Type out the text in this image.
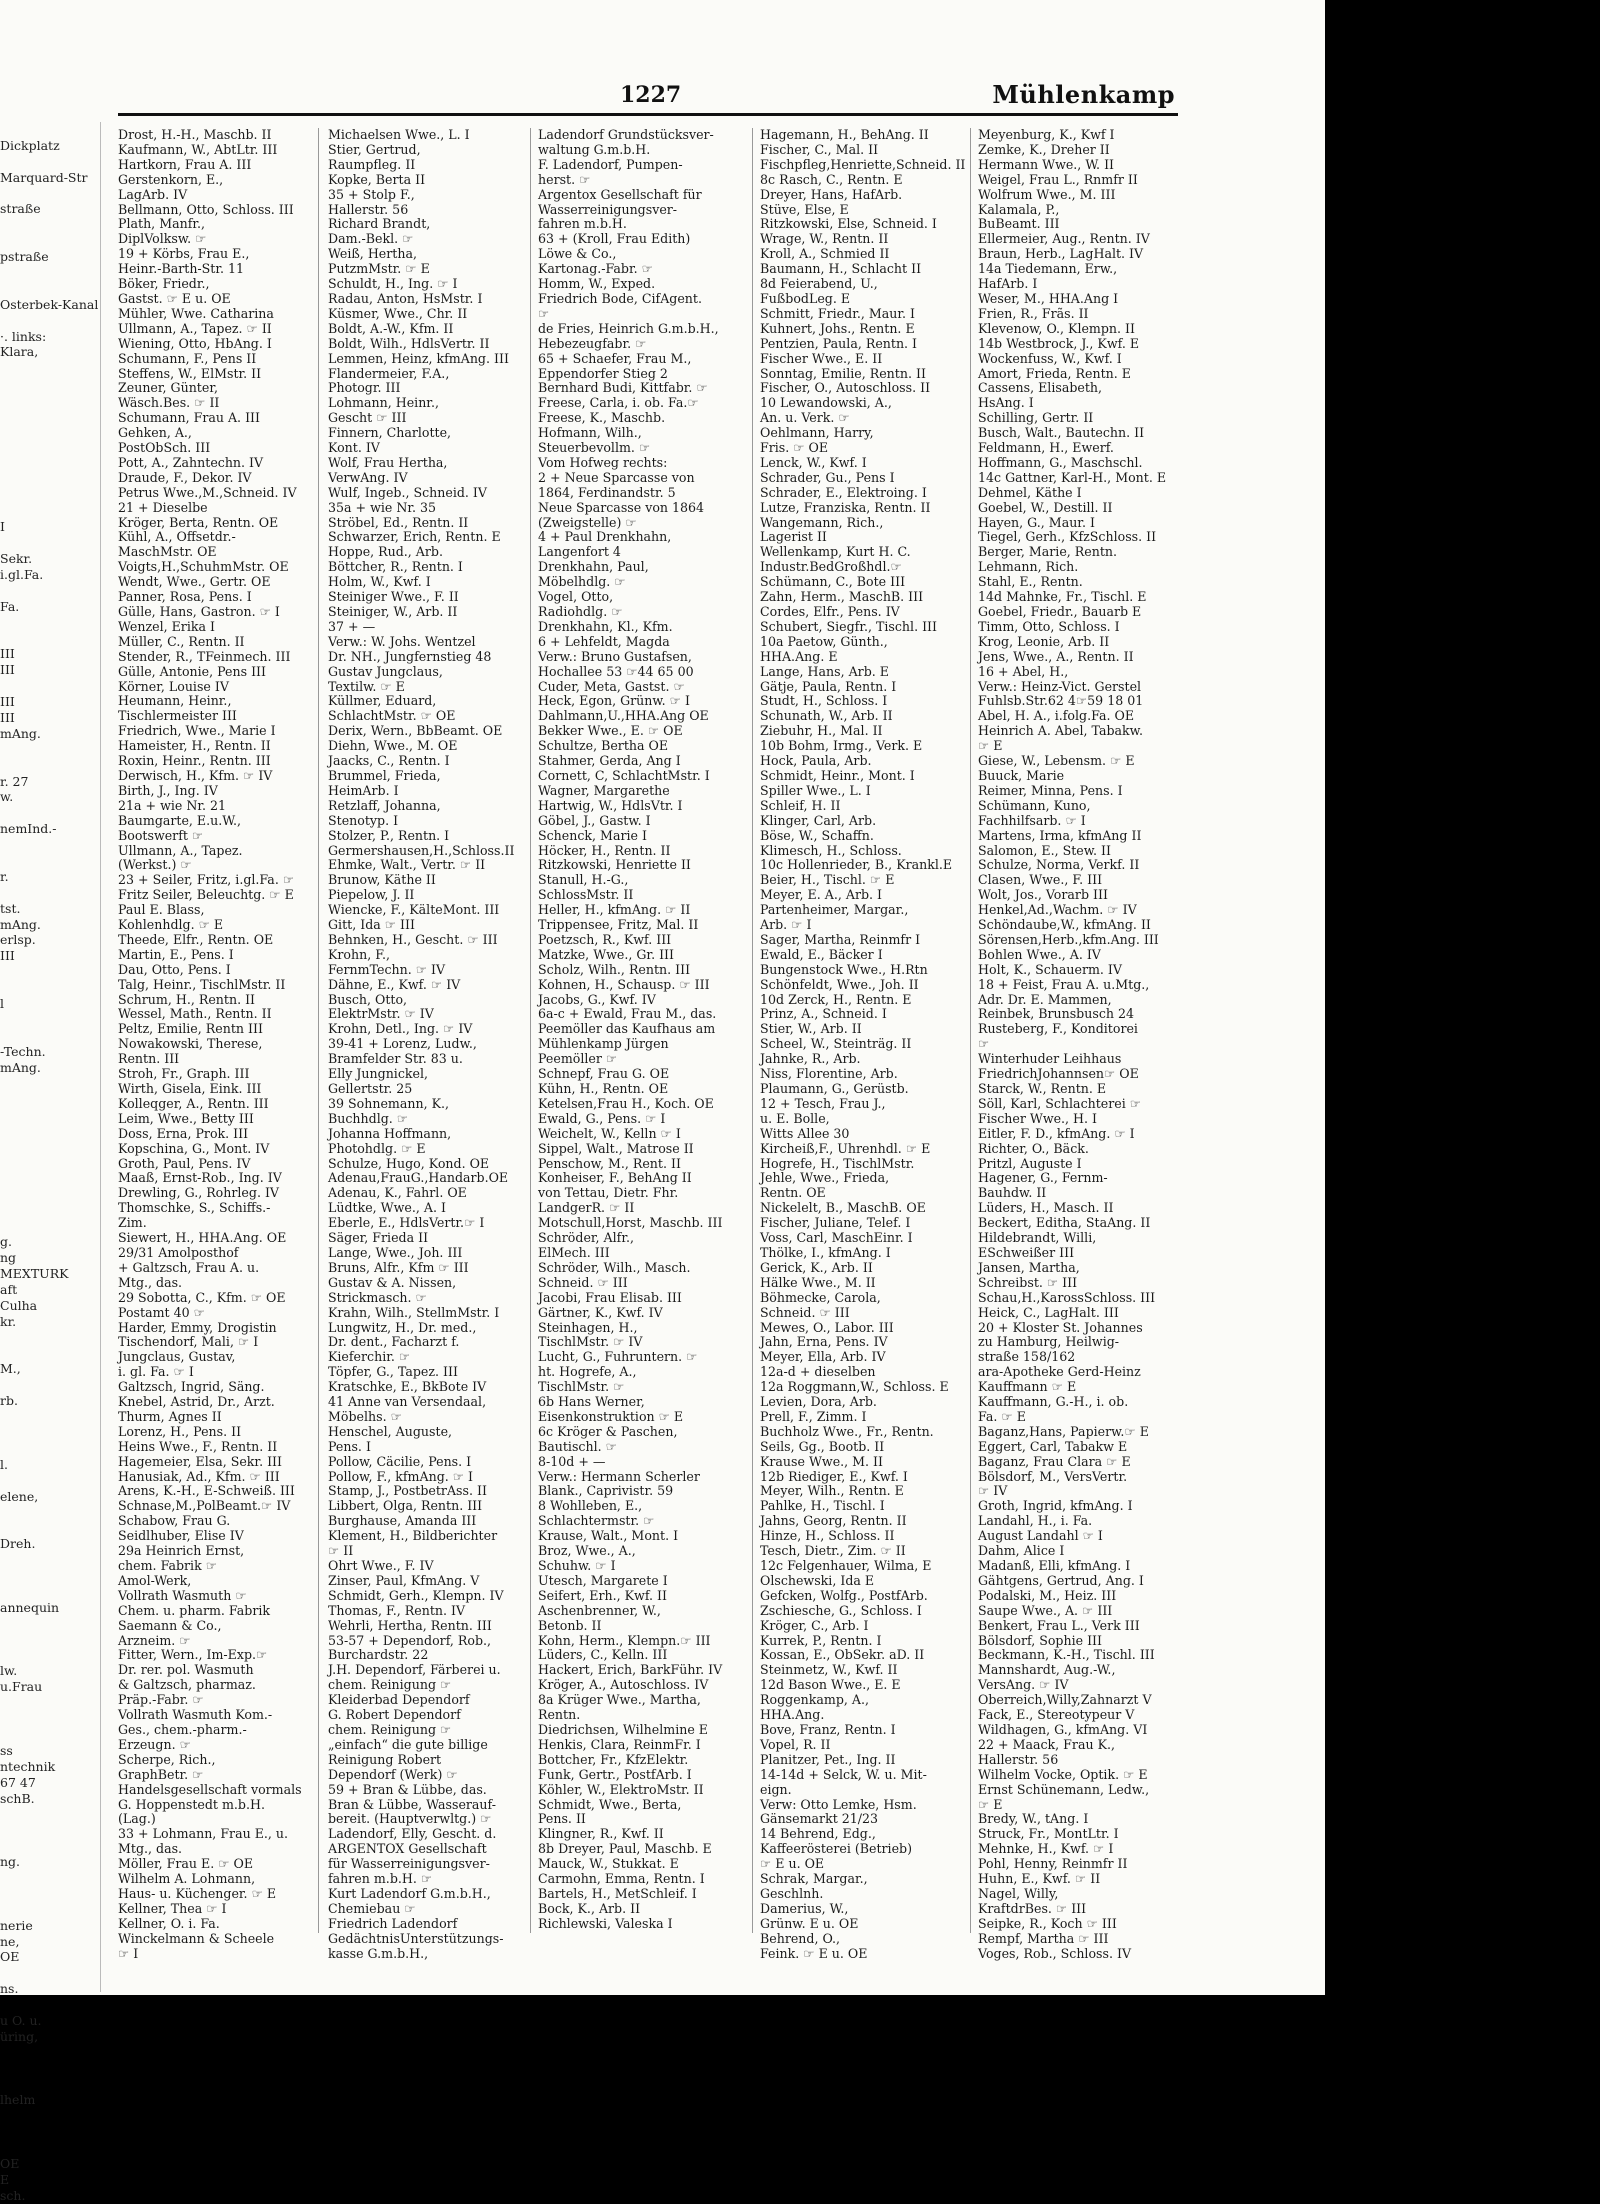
Dickplatz
Marquard-Str
straße
pstraße
Osterbek-Kanal
·. links:
Klara,
I
Sekr.
i.gl.Fa.
Fa.
III
III
III
III
mAng.
r. 27
w.
nemInd.-
r.
tst.
mAng.
erlsp.
III
l
-Techn.
mAng.
g.
ng
MEXTURK
aft
Culha
kr.
M.,
rb.
l.
elene,
Dreh.
annequin
lw.
u.Frau
ss
ntechnik
67 47
schB.
ng.
nerie
ne,
OE
ns.
u O. u.
üring,
lhelm
OE
E
sch.
1227	Mühlenkamp
Drost, H.-H., Maschb. II
Kaufmann, W., AbtLtr. III
Hartkorn, Frau A. III
Gerstenkorn, E.,
LagArb. IV
Bellmann, Otto, Schloss. III
Plath, Manfr.,
DiplVolksw. ☞
19 + Körbs, Frau E.,
Heinr.-Barth-Str. 11
Böker, Friedr.,
Gastst. ☞ E u. OE
Mühler, Wwe. Catharina
Ullmann, A., Tapez. ☞ II
Wiening, Otto, HbAng. I
Schumann, F., Pens II
Steffens, W., ElMstr. II
Zeuner, Günter,
Wäsch.Bes. ☞ II
Schumann, Frau A. III
Gehken, A.,
PostObSch. III
Pott, A., Zahntechn. IV
Draude, F., Dekor. IV
Petrus Wwe.,M.,Schneid. IV
21 + Dieselbe
Kröger, Berta, Rentn. OE
Kühl, A., Offsetdr.-
MaschMstr. OE
Voigts,H.,SchuhmMstr. OE
Wendt, Wwe., Gertr. OE
Panner, Rosa, Pens. I
Gülle, Hans, Gastron. ☞ I
Wenzel, Erika I
Müller, C., Rentn. II
Stender, R., TFeinmech. III
Gülle, Antonie, Pens III
Körner, Louise IV
Heumann, Heinr.,
Tischlermeister III
Friedrich, Wwe., Marie I
Hameister, H., Rentn. II
Roxin, Heinr., Rentn. III
Derwisch, H., Kfm. ☞ IV
Birth, J., Ing. IV
21a + wie Nr. 21
Baumgarte, E.u.W.,
Bootswerft ☞
Ullmann, A., Tapez.
(Werkst.) ☞
23 + Seiler, Fritz, i.gl.Fa. ☞
Fritz Seiler, Beleuchtg. ☞ E
Paul E. Blass,
Kohlenhdlg. ☞ E
Theede, Elfr., Rentn. OE
Martin, E., Pens. I
Dau, Otto, Pens. I
Talg, Heinr., TischlMstr. II
Schrum, H., Rentn. II
Wessel, Math., Rentn. II
Peltz, Emilie, Rentn III
Nowakowski, Therese,
Rentn. III
Stroh, Fr., Graph. III
Wirth, Gisela, Eink. III
Kolleqger, A., Rentn. III
Leim, Wwe., Betty III
Doss, Erna, Prok. III
Kopschina, G., Mont. IV
Groth, Paul, Pens. IV
Maaß, Ernst-Rob., Ing. IV
Drewling, G., Rohrleg. IV
Thomschke, S., Schiffs.-
Zim.
Siewert, H., HHA.Ang. OE
29/31 Amolposthof
+ Galtzsch, Frau A. u.
Mtg., das.
29 Sobotta, C., Kfm. ☞ OE
Postamt 40 ☞
Harder, Emmy, Drogistin
Tischendorf, Mali, ☞ I
Jungclaus, Gustav,
i. gl. Fa. ☞ I
Galtzsch, Ingrid, Säng.
Knebel, Astrid, Dr., Arzt.
Thurm, Agnes II
Lorenz, H., Pens. II
Heins Wwe., F., Rentn. II
Hagemeier, Elsa, Sekr. III
Hanusiak, Ad., Kfm. ☞ III
Arens, K.-H., E-Schweiß. III
Schnase,M.,PolBeamt.☞ IV
Schabow, Frau G.
Seidlhuber, Elise IV
29a Heinrich Ernst,
chem. Fabrik ☞
Amol-Werk,
Vollrath Wasmuth ☞
Chem. u. pharm. Fabrik
Saemann & Co.,
Arzneim. ☞
Fitter, Wern., Im-Exp.☞
Dr. rer. pol. Wasmuth
& Galtzsch, pharmaz.
Präp.-Fabr. ☞
Vollrath Wasmuth Kom.-
Ges., chem.-pharm.-
Erzeugn. ☞
Scherpe, Rich.,
GraphBetr. ☞
Handelsgesellschaft vormals
G. Hoppenstedt m.b.H.
(Lag.)
33 + Lohmann, Frau E., u.
Mtg., das.
Möller, Frau E. ☞ OE
Wilhelm A. Lohmann,
Haus- u. Küchenger. ☞ E
Kellner, Thea ☞ I
Kellner, O. i. Fa.
Winckelmann & Scheele
☞ I
Michaelsen Wwe., L. I
Stier, Gertrud,
Raumpfleg. II
Kopke, Berta II
35 + Stolp F.,
Hallerstr. 56
Richard Brandt,
Dam.-Bekl. ☞
Weiß, Hertha,
PutzmMstr. ☞ E
Schuldt, H., Ing. ☞ I
Radau, Anton, HsMstr. I
Küsmer, Wwe., Chr. II
Boldt, A.-W., Kfm. II
Boldt, Wilh., HdlsVertr. II
Lemmen, Heinz, kfmAng. III
Flandermeier, F.A.,
Photogr. III
Lohmann, Heinr.,
Gescht ☞ III
Finnern, Charlotte,
Kont. IV
Wolf, Frau Hertha,
VerwAng. IV
Wulf, Ingeb., Schneid. IV
35a + wie Nr. 35
Ströbel, Ed., Rentn. II
Schwarzer, Erich, Rentn. E
Hoppe, Rud., Arb.
Böttcher, R., Rentn. I
Holm, W., Kwf. I
Steiniger Wwe., F. II
Steiniger, W., Arb. II
37 + —
Verw.: W. Johs. Wentzel
Dr. NH., Jungfernstieg 48
Gustav Jungclaus,
Textilw. ☞ E
Küllmer, Eduard,
SchlachtMstr. ☞ OE
Derix, Wern., BbBeamt. OE
Diehn, Wwe., M. OE
Jaacks, C., Rentn. I
Brummel, Frieda,
HeimArb. I
Retzlaff, Johanna,
Stenotyp. I
Stolzer, P., Rentn. I
Germershausen,H.,Schloss.II
Ehmke, Walt., Vertr. ☞ II
Brunow, Käthe II
Piepelow, J. II
Wiencke, F., KälteMont. III
Gitt, Ida ☞ III
Behnken, H., Gescht. ☞ III
Krohn, F.,
FernmTechn. ☞ IV
Dähne, E., Kwf. ☞ IV
Busch, Otto,
ElektrMstr. ☞ IV
Krohn, Detl., Ing. ☞ IV
39-41 + Lorenz, Ludw.,
Bramfelder Str. 83 u.
Elly Jungnickel,
Gellertstr. 25
39 Sohnemann, K.,
Buchhdlg. ☞
Johanna Hoffmann,
Photohdlg. ☞ E
Schulze, Hugo, Kond. OE
Adenau,FrauG.,Handarb.OE
Adenau, K., Fahrl. OE
Lüdtke, Wwe., A. I
Eberle, E., HdlsVertr.☞ I
Säger, Frieda II
Lange, Wwe., Joh. III
Bruns, Alfr., Kfm ☞ III
Gustav & A. Nissen,
Strickmasch. ☞
Krahn, Wilh., StellmMstr. I
Lungwitz, H., Dr. med.,
Dr. dent., Facharzt f.
Kieferchir. ☞
Töpfer, G., Tapez. III
Kratschke, E., BkBote IV
41 Anne van Versendaal,
Möbelhs. ☞
Henschel, Auguste,
Pens. I
Pollow, Cäcilie, Pens. I
Pollow, F., kfmAng. ☞ I
Stamp, J., PostbetrAss. II
Libbert, Olga, Rentn. III
Burghause, Amanda III
Klement, H., Bildberichter
☞ II
Ohrt Wwe., F. IV
Zinser, Paul, KfmAng. V
Schmidt, Gerh., Klempn. IV
Thomas, F., Rentn. IV
Wehrli, Hertha, Rentn. III
53-57 + Dependorf, Rob.,
Burchardstr. 22
J.H. Dependorf, Färberei u.
chem. Reinigung ☞
Kleiderbad Dependorf
G. Robert Dependorf
chem. Reinigung ☞
„einfach“ die gute billige
Reinigung Robert
Dependorf (Werk) ☞
59 + Bran & Lübbe, das.
Bran & Lübbe, Wasserauf-
bereit. (Hauptverwltg.) ☞
Ladendorf, Elly, Gescht. d.
ARGENTOX Gesellschaft
für Wasserreinigungsver-
fahren m.b.H. ☞
Kurt Ladendorf G.m.b.H.,
Chemiebau ☞
Friedrich Ladendorf
GedächtnisUnterstützungs-
kasse G.m.b.H.,
Ladendorf Grundstücksver-
waltung G.m.b.H.
F. Ladendorf, Pumpen-
herst. ☞
Argentox Gesellschaft für
Wasserreinigungsver-
fahren m.b.H.
63 + (Kroll, Frau Edith)
Löwe & Co.,
Kartonag.-Fabr. ☞
Homm, W., Exped.
Friedrich Bode, CifAgent.
☞
de Fries, Heinrich G.m.b.H.,
Hebezeugfabr. ☞
65 + Schaefer, Frau M.,
Eppendorfer Stieg 2
Bernhard Budi, Kittfabr. ☞
Freese, Carla, i. ob. Fa.☞
Freese, K., Maschb.
Hofmann, Wilh.,
Steuerbevollm. ☞
Vom Hofweg rechts:
2 + Neue Sparcasse von
1864, Ferdinandstr. 5
Neue Sparcasse von 1864
(Zweigstelle) ☞
4 + Paul Drenkhahn,
Langenfort 4
Drenkhahn, Paul,
Möbelhdlg. ☞
Vogel, Otto,
Radiohdlg. ☞
Drenkhahn, Kl., Kfm.
6 + Lehfeldt, Magda
Verw.: Bruno Gustafsen,
Hochallee 53 ☞44 65 00
Cuder, Meta, Gastst. ☞
Heck, Egon, Grünw. ☞ I
Dahlmann,U.,HHA.Ang OE
Bekker Wwe., E. ☞ OE
Schultze, Bertha OE
Stahmer, Gerda, Ang I
Cornett, C, SchlachtMstr. I
Wagner, Margarethe
Hartwig, W., HdlsVtr. I
Göbel, J., Gastw. I
Schenck, Marie I
Höcker, H., Rentn. II
Ritzkowski, Henriette II
Stanull, H.-G.,
SchlossMstr. II
Heller, H., kfmAng. ☞ II
Trippensee, Fritz, Mal. II
Poetzsch, R., Kwf. III
Matzke, Wwe., Gr. III
Scholz, Wilh., Rentn. III
Kohnen, H., Schausp. ☞ III
Jacobs, G., Kwf. IV
6a-c + Ewald, Frau M., das.
Peemöller das Kaufhaus am
Mühlenkamp Jürgen
Peemöller ☞
Schnepf, Frau G. OE
Kühn, H., Rentn. OE
Ketelsen,Frau H., Koch. OE
Ewald, G., Pens. ☞ I
Weichelt, W., Kelln ☞ I
Sippel, Walt., Matrose II
Penschow, M., Rent. II
Konheiser, F., BehAng II
von Tettau, Dietr. Fhr.
LandgerR. ☞ II
Motschull,Horst, Maschb. III
Schröder, Alfr.,
ElMech. III
Schröder, Wilh., Masch.
Schneid. ☞ III
Jacobi, Frau Elisab. III
Gärtner, K., Kwf. IV
Steinhagen, H.,
TischlMstr. ☞ IV
Lucht, G., Fuhruntern. ☞
ht. Hogrefe, A.,
TischlMstr. ☞
6b Hans Werner,
Eisenkonstruktion ☞ E
6c Kröger & Paschen,
Bautischl. ☞
8-10d + —
Verw.: Hermann Scherler
Blank., Caprivistr. 59
8 Wohlleben, E.,
Schlachtermstr. ☞
Krause, Walt., Mont. I
Broz, Wwe., A.,
Schuhw. ☞ I
Utesch, Margarete I
Seifert, Erh., Kwf. II
Aschenbrenner, W.,
Betonb. II
Kohn, Herm., Klempn.☞ III
Lüders, C., Kelln. III
Hackert, Erich, BarkFühr. IV
Kröger, A., Autoschloss. IV
8a Krüger Wwe., Martha,
Rentn.
Diedrichsen, Wilhelmine E
Henkis, Clara, ReinmFr. I
Bottcher, Fr., KfzElektr.
Funk, Gertr., PostfArb. I
Köhler, W., ElektroMstr. II
Schmidt, Wwe., Berta,
Pens. II
Klingner, R., Kwf. II
8b Dreyer, Paul, Maschb. E
Mauck, W., Stukkat. E
Carmohn, Emma, Rentn. I
Bartels, H., MetSchleif. I
Bock, K., Arb. II
Richlewski, Valeska I
Hagemann, H., BehAng. II
Fischer, C., Mal. II
Fischpfleg,Henriette,Schneid. II
8c Rasch, C., Rentn. E
Dreyer, Hans, HafArb.
Stüve, Else, E
Ritzkowski, Else, Schneid. I
Wrage, W., Rentn. II
Kroll, A., Schmied II
Baumann, H., Schlacht II
8d Feierabend, U.,
FußbodLeg. E
Schmitt, Friedr., Maur. I
Kuhnert, Johs., Rentn. E
Pentzien, Paula, Rentn. I
Fischer Wwe., E. II
Sonntag, Emilie, Rentn. II
Fischer, O., Autoschloss. II
10 Lewandowski, A.,
An. u. Verk. ☞
Oehlmann, Harry,
Fris. ☞ OE
Lenck, W., Kwf. I
Schrader, Gu., Pens I
Schrader, E., Elektroing. I
Lutze, Franziska, Rentn. II
Wangemann, Rich.,
Lagerist II
Wellenkamp, Kurt H. C.
Industr.BedGroßhdl.☞
Schümann, C., Bote III
Zahn, Herm., MaschB. III
Cordes, Elfr., Pens. IV
Schubert, Siegfr., Tischl. III
10a Paetow, Günth.,
HHA.Ang. E
Lange, Hans, Arb. E
Gätje, Paula, Rentn. I
Studt, H., Schloss. I
Schunath, W., Arb. II
Ziebuhr, H., Mal. II
10b Bohm, Irmg., Verk. E
Hock, Paula, Arb.
Schmidt, Heinr., Mont. I
Spiller Wwe., L. I
Schleif, H. II
Klinger, Carl, Arb.
Böse, W., Schaffn.
Klimesch, H., Schloss.
10c Hollenrieder, B., Krankl.E
Beier, H., Tischl. ☞ E
Meyer, E. A., Arb. I
Partenheimer, Margar.,
Arb. ☞ I
Sager, Martha, Reinmfr I
Ewald, E., Bäcker I
Bungenstock Wwe., H.Rtn
Schönfeldt, Wwe., Joh. II
10d Zerck, H., Rentn. E
Prinz, A., Schneid. I
Stier, W., Arb. II
Scheel, W., Steinträg. II
Jahnke, R., Arb.
Niss, Florentine, Arb.
Plaumann, G., Gerüstb.
12 + Tesch, Frau J.,
u. E. Bolle,
Witts Allee 30
Kircheiß,F., Uhrenhdl. ☞ E
Hogrefe, H., TischlMstr.
Jehle, Wwe., Frieda,
Rentn. OE
Nickelelt, B., MaschB. OE
Fischer, Juliane, Telef. I
Voss, Carl, MaschEinr. I
Thölke, I., kfmAng. I
Gerick, K., Arb. II
Hälke Wwe., M. II
Böhmecke, Carola,
Schneid. ☞ III
Mewes, O., Labor. III
Jahn, Erna, Pens. IV
Meyer, Ella, Arb. IV
12a-d + dieselben
12a Roggmann,W., Schloss. E
Levien, Dora, Arb.
Prell, F., Zimm. I
Buchholz Wwe., Fr., Rentn.
Seils, Gg., Bootb. II
Krause Wwe., M. II
12b Riediger, E., Kwf. I
Meyer, Wilh., Rentn. E
Pahlke, H., Tischl. I
Jahns, Georg, Rentn. II
Hinze, H., Schloss. II
Tesch, Dietr., Zim. ☞ II
12c Felgenhauer, Wilma, E
Olschewski, Ida E
Gefcken, Wolfg., PostfArb.
Zschiesche, G., Schloss. I
Kröger, C., Arb. I
Kurrek, P., Rentn. I
Kossan, E., ObSekr. aD. II
Steinmetz, W., Kwf. II
12d Bason Wwe., E. E
Roggenkamp, A.,
HHA.Ang.
Bove, Franz, Rentn. I
Vopel, R. II
Planitzer, Pet., Ing. II
14-14d + Selck, W. u. Mit-
eign.
Verw: Otto Lemke, Hsm.
Gänsemarkt 21/23
14 Behrend, Edg.,
Kaffeerösterei (Betrieb)
☞ E u. OE
Schrak, Margar.,
Geschlnh.
Damerius, W.,
Grünw. E u. OE
Behrend, O.,
Feink. ☞ E u. OE
Meyenburg, K., Kwf I
Zemke, K., Dreher II
Hermann Wwe., W. II
Weigel, Frau L., Rnmfr II
Wolfrum Wwe., M. III
Kalamala, P.,
BuBeamt. III
Ellermeier, Aug., Rentn. IV
Braun, Herb., LagHalt. IV
14a Tiedemann, Erw.,
HafArb. I
Weser, M., HHA.Ang I
Frien, R., Frãs. II
Klevenow, O., Klempn. II
14b Westbrock, J., Kwf. E
Wockenfuss, W., Kwf. I
Amort, Frieda, Rentn. E
Cassens, Elisabeth,
HsAng. I
Schilling, Gertr. II
Busch, Walt., Bautechn. II
Feldmann, H., Ewerf.
Hoffmann, G., Maschschl.
14c Gattner, Karl-H., Mont. E
Dehmel, Käthe I
Goebel, W., Destill. II
Hayen, G., Maur. I
Tiegel, Gerh., KfzSchloss. II
Berger, Marie, Rentn.
Lehmann, Rich.
Stahl, E., Rentn.
14d Mahnke, Fr., Tischl. E
Goebel, Friedr., Bauarb E
Timm, Otto, Schloss. I
Krog, Leonie, Arb. II
Jens, Wwe., A., Rentn. II
16 + Abel, H.,
Verw.: Heinz-Vict. Gerstel
Fuhlsb.Str.62 4☞59 18 01
Abel, H. A., i.folg.Fa. OE
Heinrich A. Abel, Tabakw.
☞ E
Giese, W., Lebensm. ☞ E
Buuck, Marie
Reimer, Minna, Pens. I
Schümann, Kuno,
Fachhilfsarb. ☞ I
Martens, Irma, kfmAng II
Salomon, E., Stew. II
Schulze, Norma, Verkf. II
Clasen, Wwe., F. III
Wolt, Jos., Vorarb III
Henkel,Ad.,Wachm. ☞ IV
Schöndaube,W., kfmAng. II
Sörensen,Herb.,kfm.Ang. III
Bohlen Wwe., A. IV
Holt, K., Schauerm. IV
18 + Feist, Frau A. u.Mtg.,
Adr. Dr. E. Mammen,
Reinbek, Brunsbusch 24
Rusteberg, F., Konditorei
☞
Winterhuder Leihhaus
FriedrichJohannsen☞ OE
Starck, W., Rentn. E
Söll, Karl, Schlachterei ☞
Fischer Wwe., H. I
Eitler, F. D., kfmAng. ☞ I
Richter, O., Bäck.
Pritzl, Auguste I
Hagener, G., Fernm-
Bauhdw. II
Lüders, H., Masch. II
Beckert, Editha, StaAng. II
Hildebrandt, Willi,
ESchweißer III
Jansen, Martha,
Schreibst. ☞ III
Schau,H.,KarossSchloss. III
Heick, C., LagHalt. III
20 + Kloster St. Johannes
zu Hamburg, Heilwig-
straße 158/162
ara-Apotheke Gerd-Heinz
Kauffmann ☞ E
Kauffmann, G.-H., i. ob.
Fa. ☞ E
Baganz,Hans, Papierw.☞ E
Eggert, Carl, Tabakw E
Baganz, Frau Clara ☞ E
Bölsdorf, M., VersVertr.
☞ IV
Groth, Ingrid, kfmAng. I
Landahl, H., i. Fa.
August Landahl ☞ I
Dahm, Alice I
Madanß, Elli, kfmAng. I
Gähtgens, Gertrud, Ang. I
Podalski, M., Heiz. III
Saupe Wwe., A. ☞ III
Benkert, Frau L., Verk III
Bölsdorf, Sophie III
Beckmann, K.-H., Tischl. III
Mannshardt, Aug.-W.,
VersAng. ☞ IV
Oberreich,Willy,Zahnarzt V
Fack, E., Stereotypeur V
Wildhagen, G., kfmAng. VI
22 + Maack, Frau K.,
Hallerstr. 56
Wilhelm Vocke, Optik. ☞ E
Ernst Schünemann, Ledw.,
☞ E
Bredy, W., tAng. I
Struck, Fr., MontLtr. I
Mehnke, H., Kwf. ☞ I
Pohl, Henny, Reinmfr II
Huhn, E., Kwf. ☞ II
Nagel, Willy,
KraftdrBes. ☞ III
Seipke, R., Koch ☞ III
Rempf, Martha ☞ III
Voges, Rob., Schloss. IV
